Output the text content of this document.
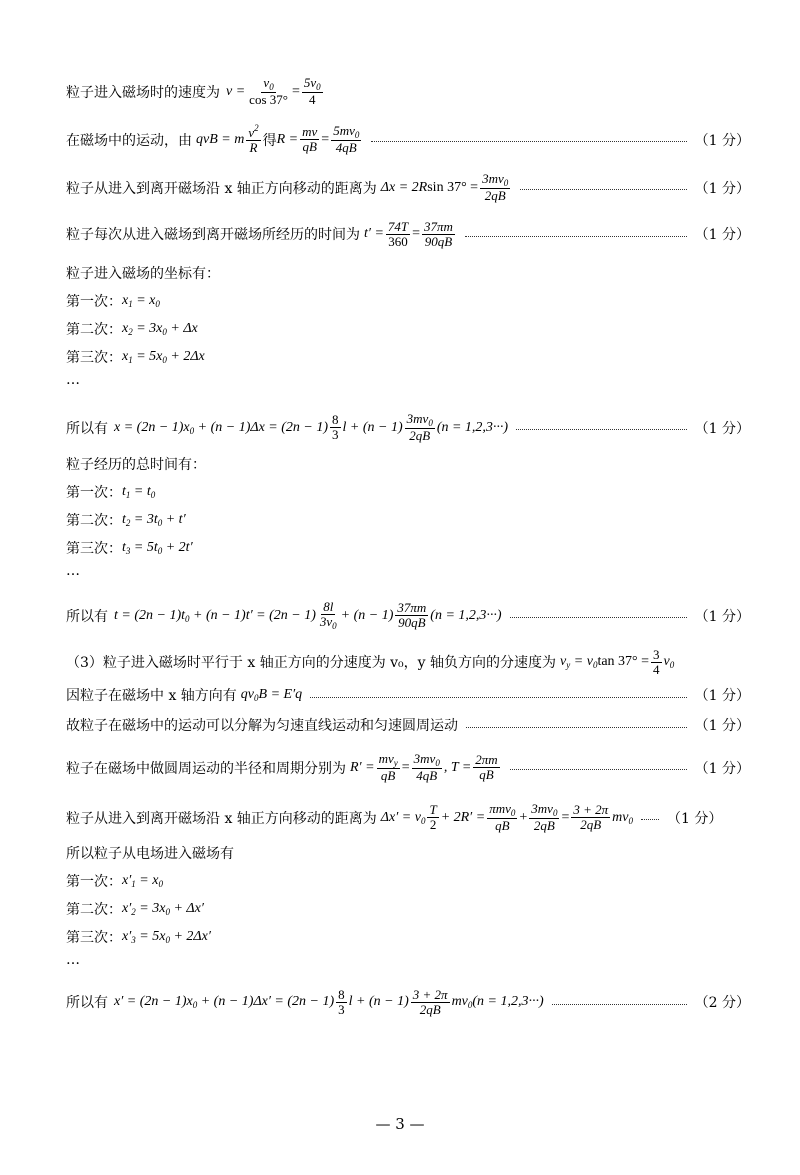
粒子进入磁场时的速度为 $v = \frac{v_0}{\cos 37^\circ} = \frac{5v_0}{4}$
在磁场中的运动，由 qvB = m $\frac{v^2}{R}$ 得 $R = \frac{mv}{qB} = \frac{5mv_0}{4qB}$	（1 分）
粒子从进入到离开磁场沿 x 轴正方向移动的距离为 Δx = 2R $\sin 37^\circ = \frac{3mv_0}{2qB}$	（1 分）
粒子每次从进入磁场到离开磁场所经历的时间为 $t' = \frac{74T}{360} = \frac{37\pi m}{90qB}$	（1 分）
粒子进入磁场的坐标有：
第一次： $x_1 = x_0$
第二次： $x_2 = 3x_0 + \Delta x$
第三次： $x_1 = 5x_0 + 2\Delta x$
…
所以有 $x = (2n - 1)x_0 + (n - 1)\Delta x = (2n - 1) \frac{8}{3}$ $l + (n - 1) \frac{3mv_0}{2qB} (n = 1,2,3\cdot\cdot\cdot)$	（1 分）
粒子经历的总时间有：
第一次： $t_1 = t_0$
第二次： $t_2 = 3t_0 + t'$
第三次： $t_3 = 5t_0 + 2t'$
…
所以有 $t = (2n - 1)t_0 + (n - 1)t' = (2n - 1) \frac{8l}{3v_0} + (n - 1) \frac{37\pi m}{90qB} (n = 1,2,3\cdot\cdot\cdot)$	（1 分）
（3）粒子进入磁场时平行于 x 轴正方向的分速度为 v₀，y 轴负方向的分速度为 $v_y = v_0$ $\tan 37^\circ = \frac{3}{4} v_0$
因粒子在磁场中 x 轴方向有 $qv_0B = E'q$	（1 分）
故粒子在磁场中的运动可以分解为匀速直线运动和匀速圆周运动	（1 分）
粒子在磁场中做圆周运动的半径和周期分别为 $R' = \frac{mv_y}{qB} = \frac{3mv_0}{4qB}$ , $T = \frac{2\pi m}{qB}$	（1 分）
粒子从进入到离开磁场沿 x 轴正方向移动的距离为 $\Delta x' = v_0 \frac{T}{2} + 2R' = \frac{\pi mv_0}{qB} + \frac{3mv_0}{2qB} = \frac{3 + 2\pi}{2qB} mv_0$ （1 分）
所以粒子从电场进入磁场有
第一次： $x'_1 = x_0$
第二次： $x'_2 = 3x_0 + \Delta x'$
第三次： $x'_3 = 5x_0 + 2\Delta x'$
…
所以有 $x' = (2n - 1)x_0 + (n - 1)\Delta x' = (2n - 1) \frac{8}{3}$ $l + (n - 1) \frac{3 + 2\pi}{2qB} mv_0(n = 1,2,3\cdot\cdot\cdot)$	（2 分）
— 3 —
